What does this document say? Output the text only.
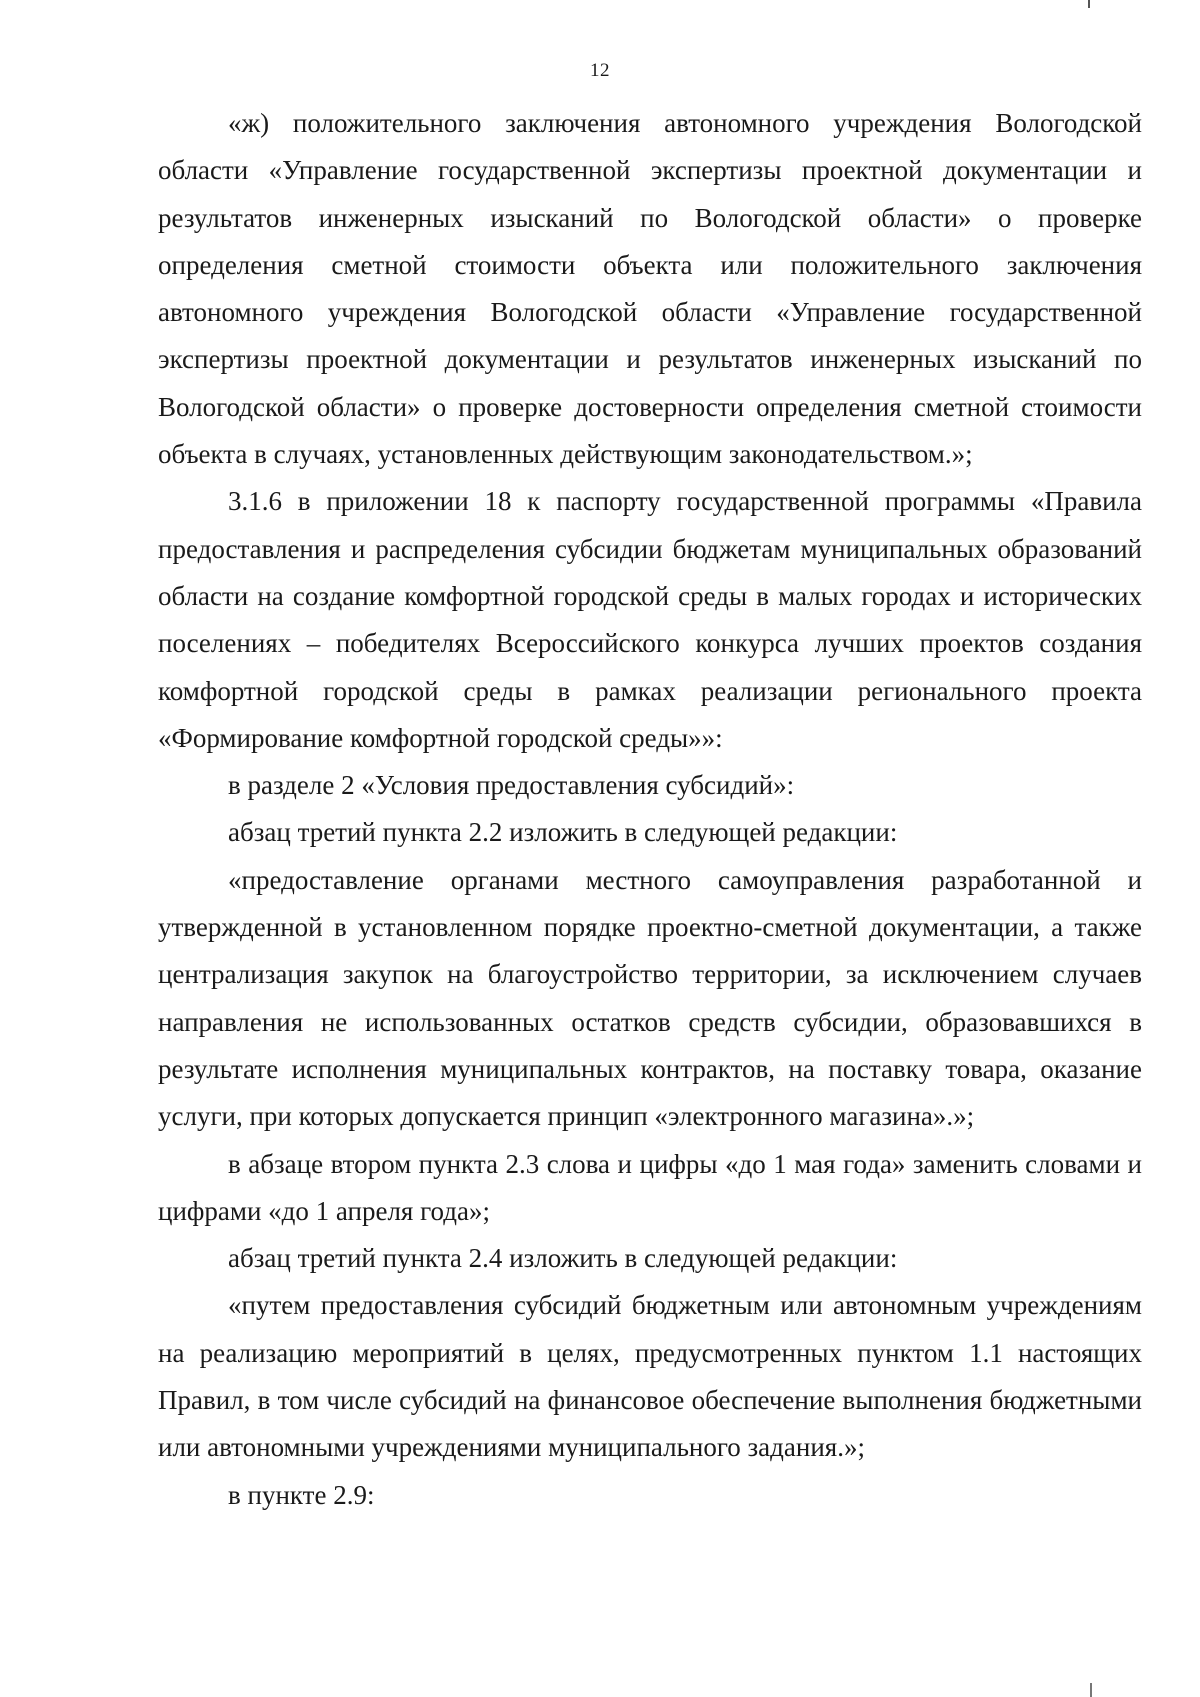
12

«ж) положительного заключения автономного учреждения Вологодской области «Управление государственной экспертизы проектной документации и результатов инженерных изысканий по Вологодской области» о проверке определения сметной стоимости объекта или положительного заключения автономного учреждения Вологодской области «Управление государственной экспертизы проектной документации и результатов инженерных изысканий по Вологодской области» о проверке достоверности определения сметной стоимости объекта в случаях, установленных действующим законодательством.»;

3.1.6 в приложении 18 к паспорту государственной программы «Правила предоставления и распределения субсидии бюджетам муниципальных образований области на создание комфортной городской среды в малых городах и исторических поселениях – победителях Всероссийского конкурса лучших проектов создания комфортной городской среды в рамках реализации регионального проекта «Формирование комфортной городской среды»»:

в разделе 2 «Условия предоставления субсидий»:

абзац третий пункта 2.2 изложить в следующей редакции:

«предоставление органами местного самоуправления разработанной и утвержденной в установленном порядке проектно-сметной документации, а также централизация закупок на благоустройство территории, за исключением случаев направления не использованных остатков средств субсидии, образовавшихся в результате исполнения муниципальных контрактов, на поставку товара, оказание услуги, при которых допускается принцип «электронного магазина».»;

в абзаце втором пункта 2.3 слова и цифры «до 1 мая года» заменить словами и цифрами «до 1 апреля года»;

абзац третий пункта 2.4 изложить в следующей редакции:

«путем предоставления субсидий бюджетным или автономным учреждениям на реализацию мероприятий в целях, предусмотренных пунктом 1.1 настоящих Правил, в том числе субсидий на финансовое обеспечение выполнения бюджетными или автономными учреждениями муниципального задания.»;

в пункте 2.9:
